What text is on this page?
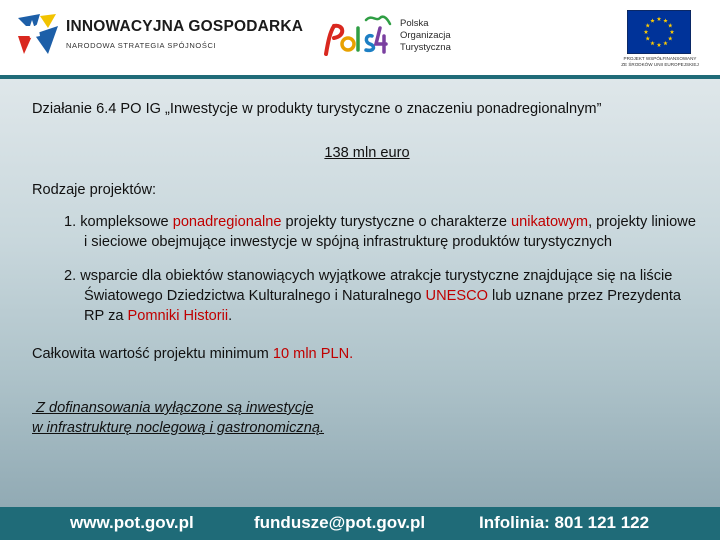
INNOWACYJNA GOSPODARKA
NARODOWA STRATEGIA SPÓJNOŚCI
Polska
Organizacja
Turystyczna
PROJEKT WSPÓŁFINANSOWANY
ZE ŚRODKÓW UNII EUROPEJSKIEJ
Działanie 6.4 PO IG „Inwestycje w produkty turystyczne o znaczeniu ponadregionalnym”
138 mln euro
Rodzaje projektów:
1. kompleksowe ponadregionalne projekty turystyczne o charakterze unikatowym, projekty liniowe i sieciowe obejmujące inwestycje w spójną infrastrukturę produktów turystycznych
2. wsparcie dla obiektów stanowiących wyjątkowe atrakcje turystyczne znajdujące się na liście Światowego Dziedzictwa Kulturalnego i Naturalnego UNESCO lub uznane przez Prezydenta RP za Pomniki Historii.
Całkowita wartość projektu minimum 10 mln PLN.
Z dofinansowania wyłączone są inwestycje
w infrastrukturę noclegową i gastronomiczną.
www.pot.gov.pl	fundusze@pot.gov.pl	Infolinia: 801 121 122
